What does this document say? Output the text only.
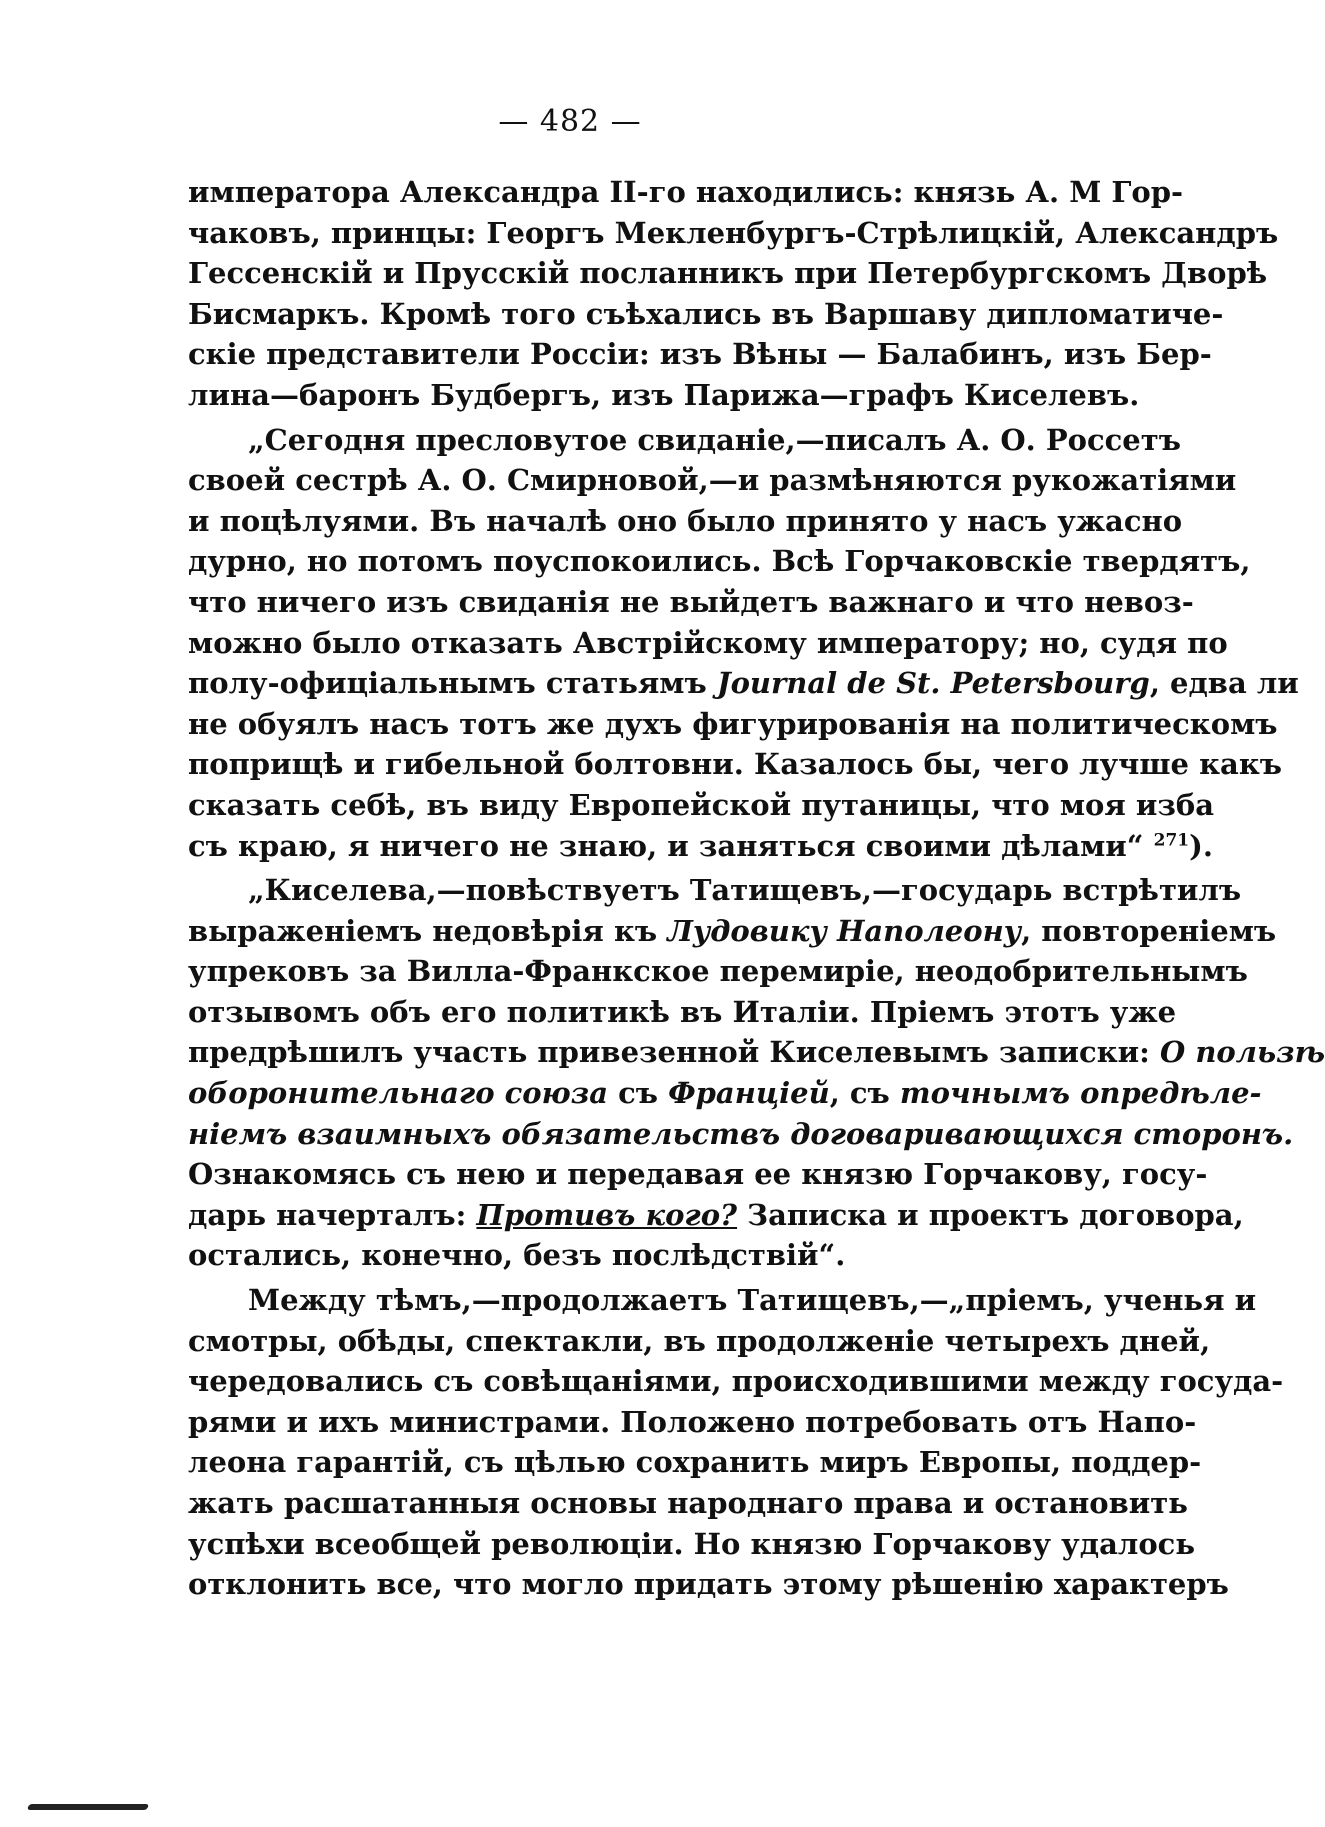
— 482 —

императора Александра II-го находились: князь А. М Гор-
чаковъ, принцы: Георгъ Мекленбургъ-Стрѣлицкій, Александръ
Гессенскій и Прусскій посланникъ при Петербургскомъ Дворѣ
Бисмаркъ. Кромѣ того съѣхались въ Варшаву дипломатиче-
скіе представители Россіи: изъ Вѣны — Балабинъ, изъ Бер-
лина—баронъ Будбергъ, изъ Парижа—графъ Киселевъ.

„Сегодня пресловутое свиданіе,—писалъ А. О. Россетъ
своей сестрѣ А. О. Смирновой,—и размѣняются рукожатіями
и поцѣлуями. Въ началѣ оно было принято у насъ ужасно
дурно, но потомъ поуспокоились. Всѣ Горчаковскіе твердятъ,
что ничего изъ свиданія не выйдетъ важнаго и что невоз-
можно было отказать Австрійскому императору; но, судя по
полу-офиціальнымъ статьямъ Journal de St. Petersbourg, едва ли
не обуялъ насъ тотъ же духъ фигурированія на политическомъ
поприщѣ и гибельной болтовни. Казалось бы, чего лучше какъ
сказать себѣ, въ виду Европейской путаницы, что моя изба
съ краю, я ничего не знаю, и заняться своими дѣлами“ $^{271}$).

„Киселева,—повѣствуетъ Татищевъ,—государь встрѣтилъ
выраженіемъ недовѣрія къ Лудовику Наполеону, повтореніемъ
упрековъ за Вилла-Франкское перемиріе, неодобрительнымъ
отзывомъ объ его политикѣ въ Италіи. Пріемъ этотъ уже
предрѣшилъ участь привезенной Киселевымъ записки: О пользѣ
оборонительнаго союза съ Франціей, съ точнымъ опредѣле-
ніемъ взаимныхъ обязательствъ договаривающихся сторонъ.
Ознакомясь съ нею и передавая ее князю Горчакову, госу-
дарь начерталъ: Противъ кого? Записка и проектъ договора,
остались, конечно, безъ послѣдствій“.

Между тѣмъ,—продолжаетъ Татищевъ,—„пріемъ, ученья и
смотры, обѣды, спектакли, въ продолженіе четырехъ дней,
чередовались съ совѣщаніями, происходившими между госуда-
рями и ихъ министрами. Положено потребовать отъ Напо-
леона гарантій, съ цѣлью сохранить миръ Европы, поддер-
жать расшатанныя основы народнаго права и остановить
успѣхи всеобщей революціи. Но князю Горчакову удалось
отклонить все, что могло придать этому рѣшенію характеръ
